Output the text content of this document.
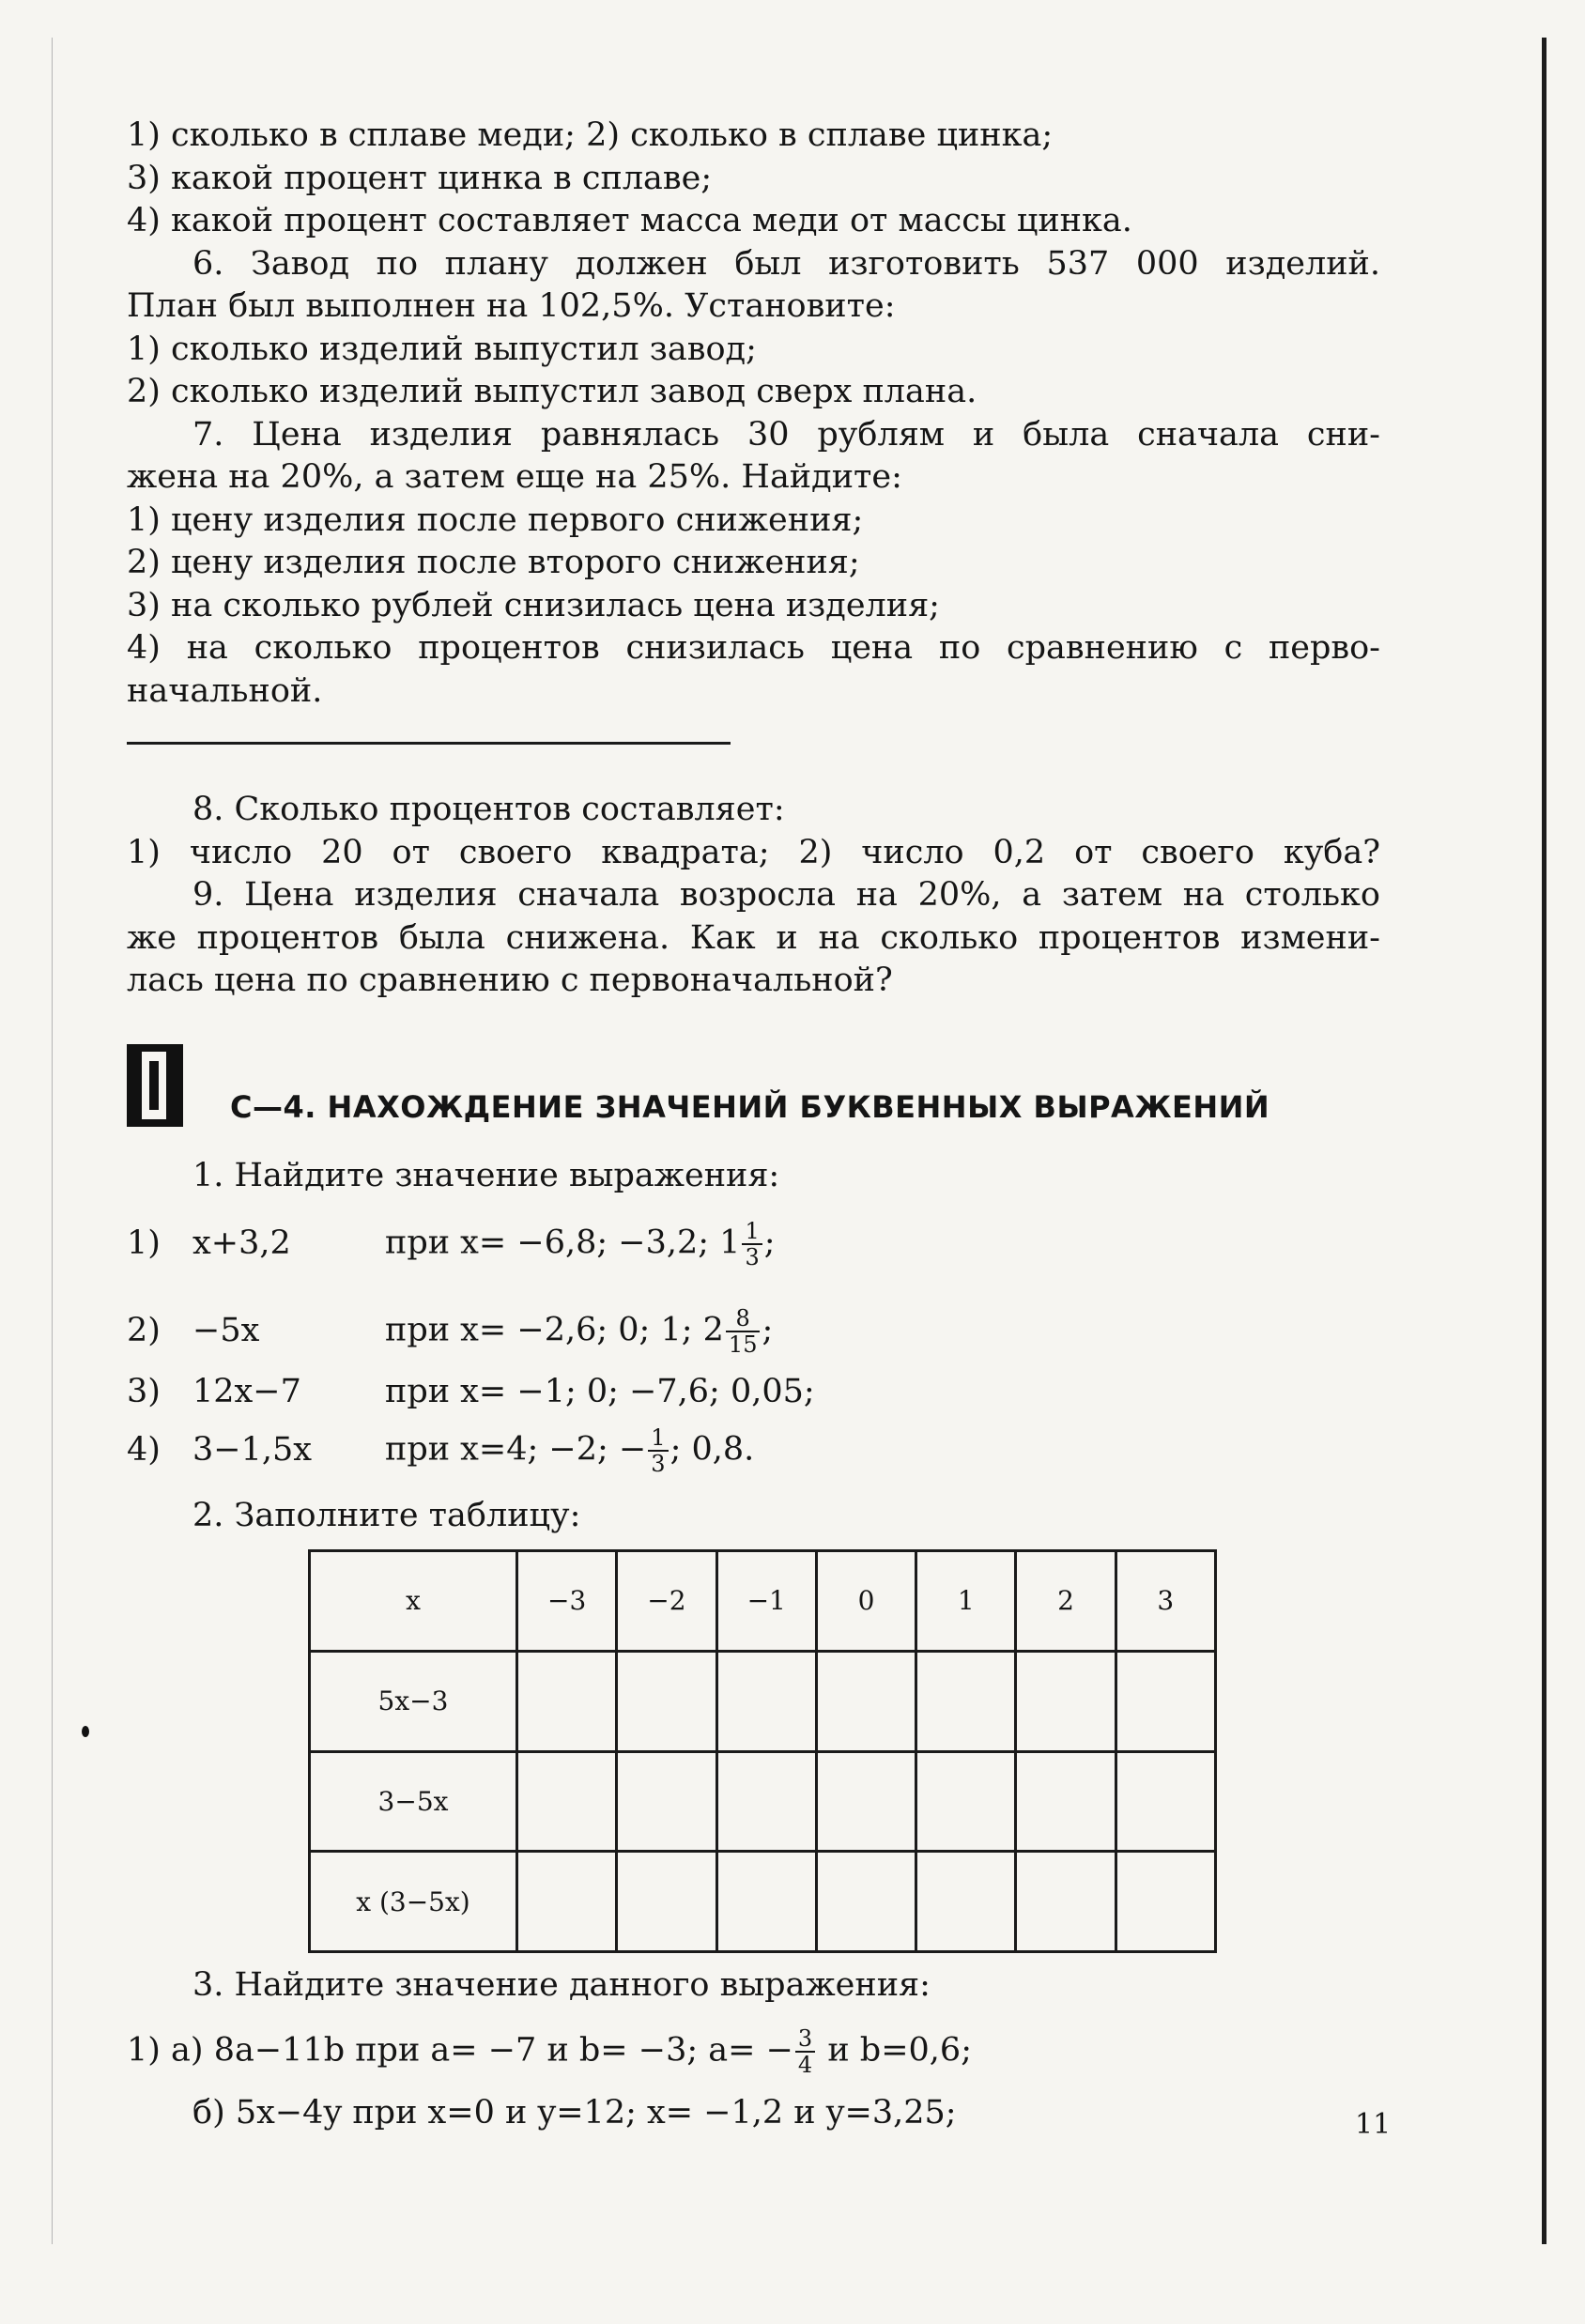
1) сколько в сплаве меди; 2) сколько в сплаве цинка;
3) какой процент цинка в сплаве;
4) какой процент составляет масса меди от массы цинка.
6. Завод по плану должен был изготовить 537 000 изделий.
План был выполнен на 102,5%. Установите:
1) сколько изделий выпустил завод;
2) сколько изделий выпустил завод сверх плана.
7. Цена изделия равнялась 30 рублям и была сначала сни-
жена на 20%, а затем еще на 25%. Найдите:
1) цену изделия после первого снижения;
2) цену изделия после второго снижения;
3) на сколько рублей снизилась цена изделия;
4) на сколько процентов снизилась цена по сравнению с перво-
начальной.
8. Сколько процентов составляет:
1) число 20 от своего квадрата; 2) число 0,2 от своего куба?
9. Цена изделия сначала возросла на 20%, а затем на столько
же процентов была снижена. Как и на сколько процентов измени-
лась цена по сравнению с первоначальной?
С—4. НАХОЖДЕНИЕ ЗНАЧЕНИЙ БУКВЕННЫХ ВЫРАЖЕНИЙ
1. Найдите значение выражения:
1) x+3,2	при x= −6,8; −3,2; $1 \frac{1}{3}$ ;
2) −5x	при x= −2,6; 0; 1; $2 \frac{8}{15}$ ;
3) 12x−7	при x= −1; 0; −7,6; 0,05;
4) 3−1,5x при x=4; −2; − $\frac{1}{3}$ ; 0,8.
2. Заполните таблицу:
x	−3	−2	−1	0	1	2	3
5x−3							
3−5x							
x (3−5x)							
3. Найдите значение данного выражения:
1) а) 8a−11b при a= −7 и b= −3; $a= - \frac{3}{4}$ и b=0,6;
б) 5x−4y при x=0 и y=12; x= −1,2 и y=3,25;	11
